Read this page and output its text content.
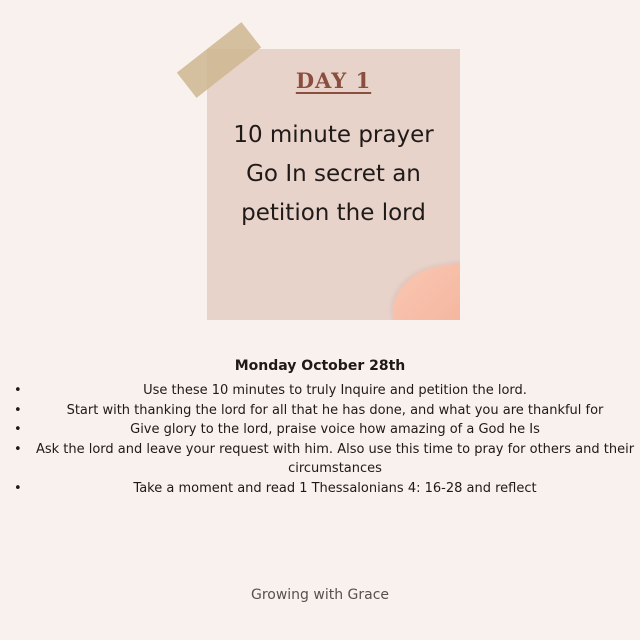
DAY 1
10 minute prayer
Go In secret an
petition the lord
Monday October 28th
•	Use these 10 minutes to truly Inquire and petition the lord.
•	Start with thanking the lord for all that he has done, and what you are thankful for
•	Give glory to the lord, praise voice how amazing of a God he Is
• Ask the lord and leave your request with him. Also use this time to pray for others and their circumstances
•	Take a moment and read 1 Thessalonians 4: 16-28 and reflect
Growing with Grace
